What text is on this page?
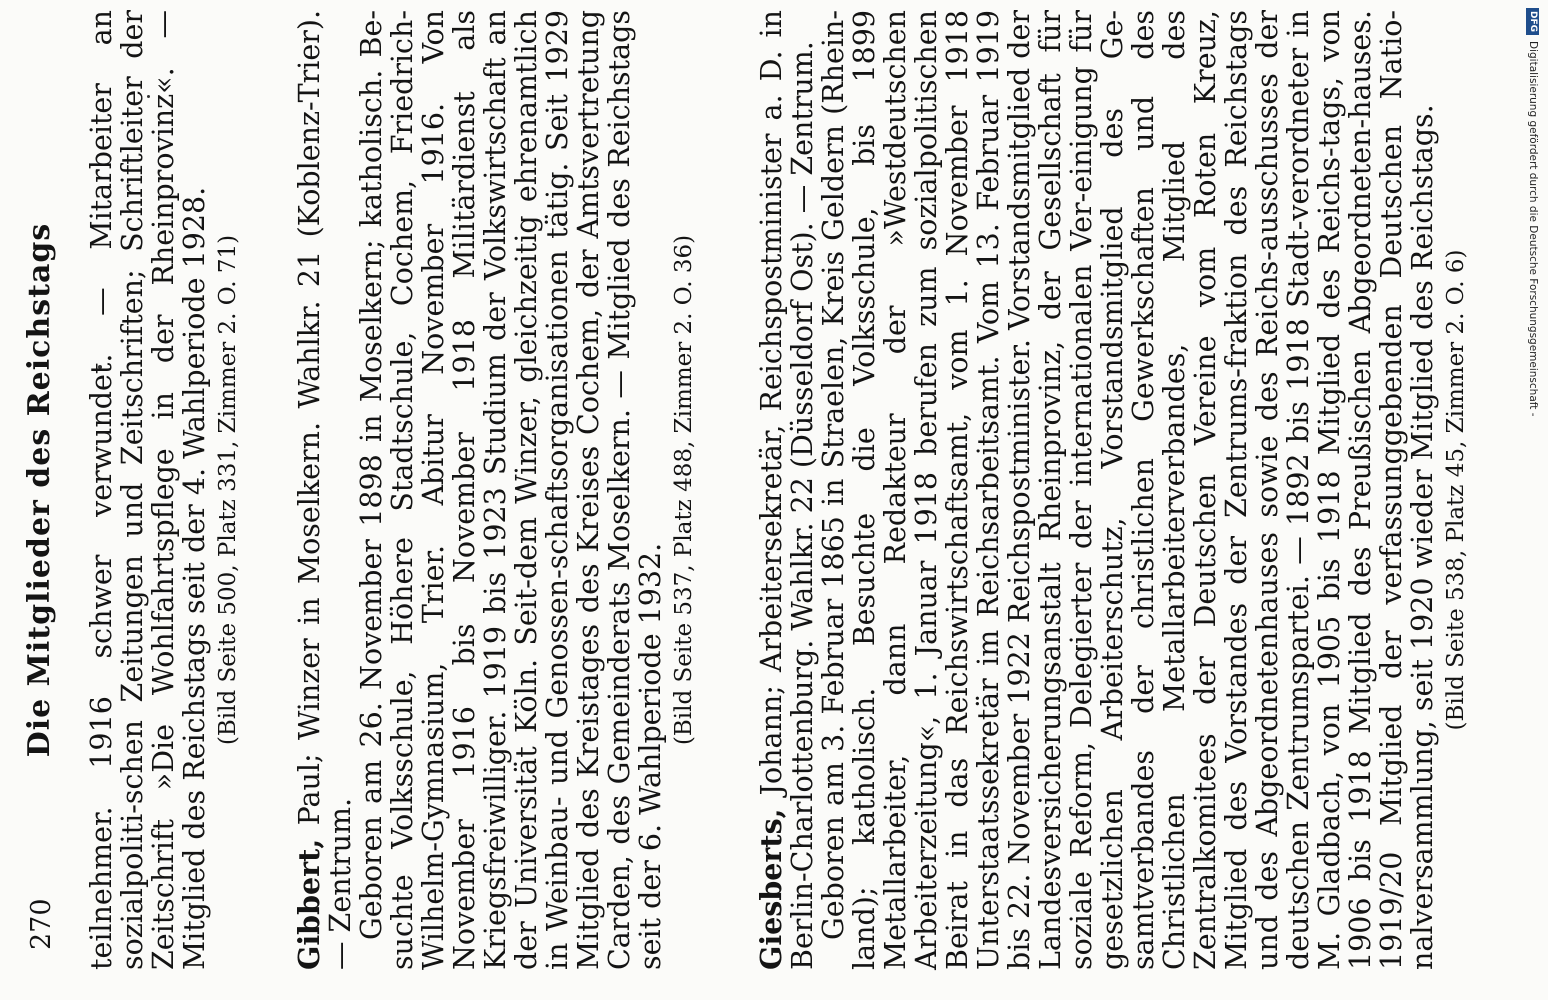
270
Die Mitglieder des Reichstags teilnehmer. 1916 schwer verwundet. — Mitarbeiter an sozialpoliti-schen Zeitungen und Zeitschriften; Schriftleiter der Zeitschrift »Die Wohlfahrtspflege in der Rheinprovinz«. — Mitglied des Reichstags seit der 4. Wahlperiode 1928. (Bild Seite 500, Platz 331, Zimmer 2. O. 71)

Gibbert, Paul; Winzer in Moselkern. Wahlkr. 21 (Koblenz-Trier). — Zentrum.

Geboren am 26. November 1898 in Moselkern; katholisch. Be-suchte Volksschule, Höhere Stadtschule, Cochem, Friedrich-Wilhelm-Gymnasium, Trier. Abitur November 1916. Von November 1916 bis November 1918 Militärdienst als Kriegsfreiwilliger. 1919 bis 1923 Studium der Volkswirtschaft an der Universität Köln. Seit-dem Winzer, gleichzeitig ehrenamtlich in Weinbau- und Genossen-schaftsorganisationen tätig. Seit 1929 Mitglied des Kreistages des Kreises Cochem, der Amtsvertretung Carden, des Gemeinderats Moselkern. — Mitglied des Reichstags seit der 6. Wahlperiode 1932.

(Bild Seite 537, Platz 488, Zimmer 2. O. 36)

Giesberts, Johann; Arbeitersekretär, Reichspostminister a. D. in Berlin-Charlottenburg. Wahlkr. 22 (Düsseldorf Ost). — Zentrum.

Geboren am 3. Februar 1865 in Straelen, Kreis Geldern (Rhein-land); katholisch. Besuchte die Volksschule, bis 1899 Metallarbeiter, dann Redakteur der »Westdeutschen Arbeiterzeitung«, 1. Januar 1918 berufen zum sozialpolitischen Beirat in das Reichswirtschaftsamt, vom 1. November 1918 Unterstaatssekretär im Reichsarbeitsamt. Vom 13. Februar 1919 bis 22. November 1922 Reichspostminister. Vorstandsmitglied der Landesversicherungsanstalt Rheinprovinz, der Gesellschaft für soziale Reform, Delegierter der internationalen Ver-einigung für gesetzlichen Arbeiterschutz, Vorstandsmitglied des Ge-samtverbandes der christlichen Gewerkschaften und des Christlichen Metallarbeiterverbandes, Mitglied des Zentralkomitees der Deutschen Vereine vom Roten Kreuz, Mitglied des Vorstandes der Zentrums-fraktion des Reichstags und des Abgeordnetenhauses sowie des Reichs-ausschusses der deutschen Zentrumspartei. — 1892 bis 1918 Stadt-verordneter in M. Gladbach, von 1905 bis 1918 Mitglied des Reichs-tags, von 1906 bis 1918 Mitglied des Preußischen Abgeordneten-hauses. 1919/20 Mitglied der verfassunggebenden Deutschen Natio-nalversammlung, seit 1920 wieder Mitglied des Reichstags. (Bild Seite 538, Platz 45, Zimmer 2. O. 6)

DFG
Digitalisierung gefördert durch die Deutsche Forschungsgemeinschaft -
